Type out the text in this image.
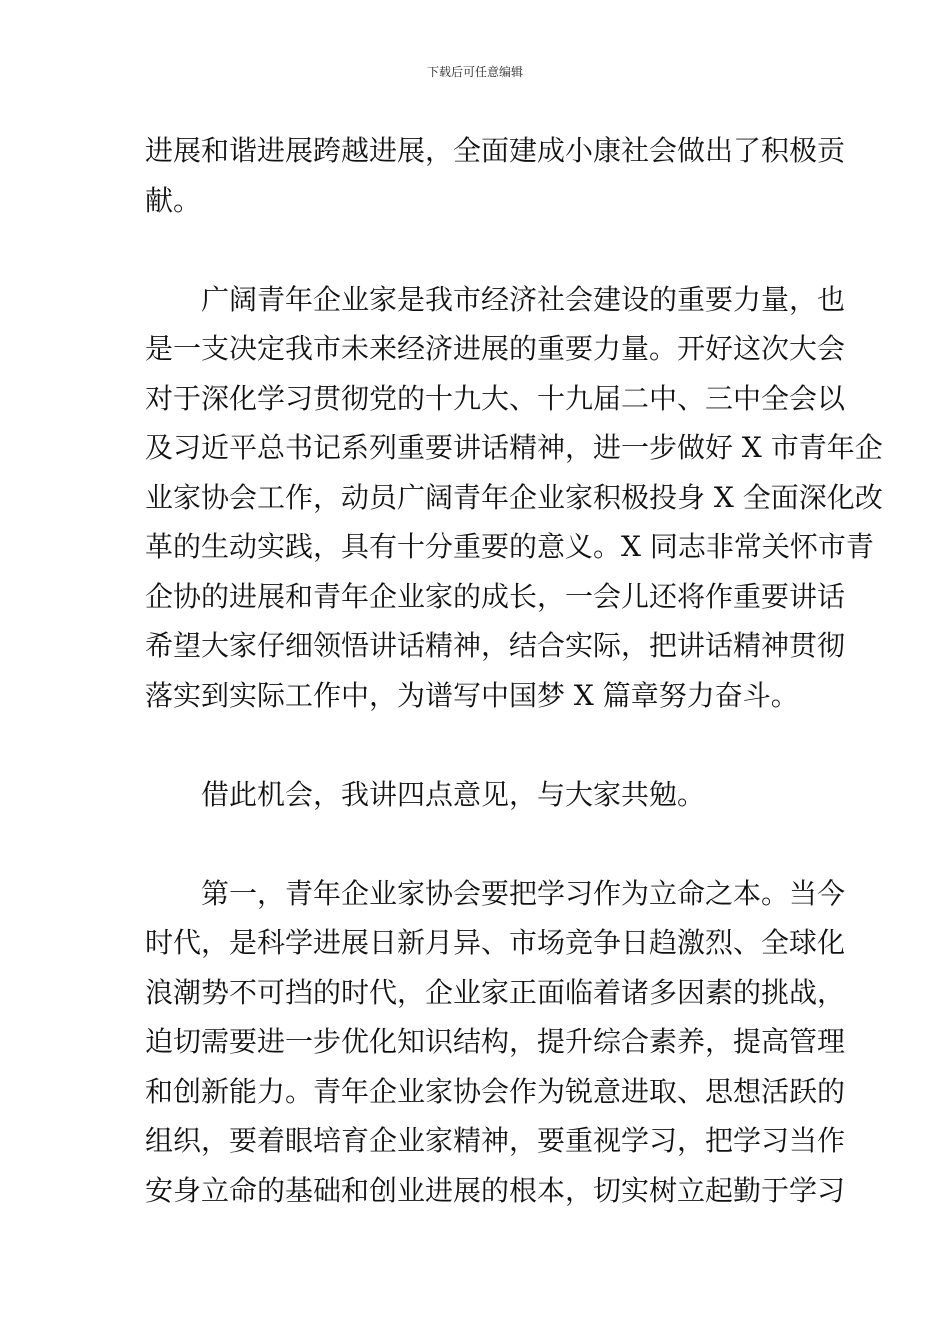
下载后可任意编辑
进展和谐进展跨越进展，全面建成小康社会做出了积极贡
献。
　　广阔青年企业家是我市经济社会建设的重要力量，也
是一支决定我市未来经济进展的重要力量。开好这次大会
对于深化学习贯彻党的十九大、十九届二中、三中全会以
及习近平总书记系列重要讲话精神，进一步做好 X 市青年企
业家协会工作，动员广阔青年企业家积极投身 X 全面深化改
革的生动实践，具有十分重要的意义。X 同志非常关怀市青
企协的进展和青年企业家的成长，一会儿还将作重要讲话
希望大家仔细领悟讲话精神，结合实际，把讲话精神贯彻
落实到实际工作中，为谱写中国梦 X 篇章努力奋斗。
　　借此机会，我讲四点意见，与大家共勉。
　　第一，青年企业家协会要把学习作为立命之本。当今
时代，是科学进展日新月异、市场竞争日趋激烈、全球化
浪潮势不可挡的时代，企业家正面临着诸多因素的挑战，
迫切需要进一步优化知识结构，提升综合素养，提高管理
和创新能力。青年企业家协会作为锐意进取、思想活跃的
组织，要着眼培育企业家精神，要重视学习，把学习当作
安身立命的基础和创业进展的根本，切实树立起勤于学习
